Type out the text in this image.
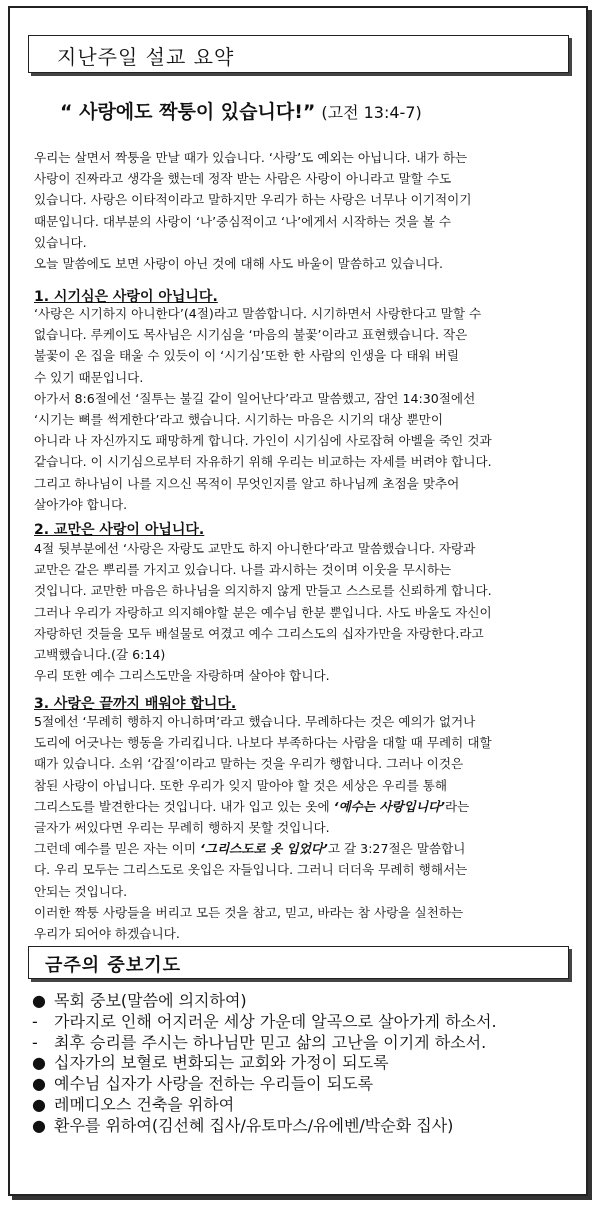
지난주일 설교 요약
“ 사랑에도 짝퉁이 있습니다!” (고전 13:4-7)

우리는 살면서 짝퉁을 만날 때가 있습니다. ‘사랑’도 예외는 아닙니다. 내가 하는

사랑이 진짜라고 생각을 했는데 정작 받는 사람은 사랑이 아니라고 말할 수도

있습니다. 사랑은 이타적이라고 말하지만 우리가 하는 사랑은 너무나 이기적이기

때문입니다. 대부분의 사랑이 ‘나’중심적이고 ‘나’에게서 시작하는 것을 볼 수

있습니다.

오늘 말씀에도 보면 사랑이 아닌 것에 대해 사도 바울이 말씀하고 있습니다.

1. 시기심은 사랑이 아닙니다.

‘사랑은 시기하지 아니한다’(4절)라고 말씀합니다. 시기하면서 사랑한다고 말할 수

없습니다. 루케이도 목사님은 시기심을 ‘마음의 불꽃’이라고 표현했습니다. 작은

불꽃이 온 집을 태울 수 있듯이 이 ‘시기심’또한 한 사람의 인생을 다 태워 버릴

수 있기 때문입니다.

아가서 8:6절에선 ‘질투는 불길 같이 일어난다’라고 말씀했고, 잠언 14:30절에선

‘시기는 뼈를 썩게한다’라고 했습니다. 시기하는 마음은 시기의 대상 뿐만이

아니라 나 자신까지도 패망하게 합니다. 가인이 시기심에 사로잡혀 아벨을 죽인 것과

같습니다. 이 시기심으로부터 자유하기 위해 우리는 비교하는 자세를 버려야 합니다.

그리고 하나님이 나를 지으신 목적이 무엇인지를 알고 하나님께 초점을 맞추어

살아가야 합니다.

2. 교만은 사랑이 아닙니다.

4절 뒷부분에선 ‘사랑은 자랑도 교만도 하지 아니한다’라고 말씀했습니다. 자랑과

교만은 같은 뿌리를 가지고 있습니다. 나를 과시하는 것이며 이웃을 무시하는

것입니다. 교만한 마음은 하나님을 의지하지 않게 만들고 스스로를 신뢰하게 합니다.

그러나 우리가 자랑하고 의지해야할 분은 예수님 한분 뿐입니다. 사도 바울도 자신이

자랑하던 것들을 모두 배설물로 여겼고 예수 그리스도의 십자가만을 자랑한다.라고

고백했습니다.(갈 6:14)

우리 또한 예수 그리스도만을 자랑하며 살아야 합니다.

3. 사랑은 끝까지 배워야 합니다.

5절에선 ‘무례히 행하지 아니하며’라고 했습니다. 무례하다는 것은 예의가 없거나

도리에 어긋나는 행동을 가리킵니다. 나보다 부족하다는 사람을 대할 때 무례히 대할

때가 있습니다. 소위 ‘갑질’이라고 말하는 것을 우리가 행합니다. 그러나 이것은

참된 사랑이 아닙니다. 또한 우리가 잊지 말아야 할 것은 세상은 우리를 통해

그리스도를 발견한다는 것입니다. 내가 입고 있는 옷에 ‘예수는 사랑입니다’라는

글자가 써있다면 우리는 무례히 행하지 못할 것입니다.

그런데 예수를 믿은 자는 이미 ‘그리스도로 옷 입었다’고 갈 3:27절은 말씀합니

다. 우리 모두는 그리스도로 옷입은 자들입니다. 그러니 더더욱 무례히 행해서는

안되는 것입니다.

이러한 짝퉁 사랑들을 버리고 모든 것을 참고, 믿고, 바라는 참 사랑을 실천하는

우리가 되어야 하겠습니다.

금주의 중보기도
● 목회 중보(말씀에 의지하여)
- 가라지로 인해 어지러운 세상 가운데 알곡으로 살아가게 하소서.
- 최후 승리를 주시는 하나님만 믿고 삶의 고난을 이기게 하소서.
● 십자가의 보혈로 변화되는 교회와 가정이 되도록
● 예수님 십자가 사랑을 전하는 우리들이 되도록
● 레메디오스 건축을 위하여
● 환우를 위하여(김선혜 집사/유토마스/유에벤/박순화 집사)
